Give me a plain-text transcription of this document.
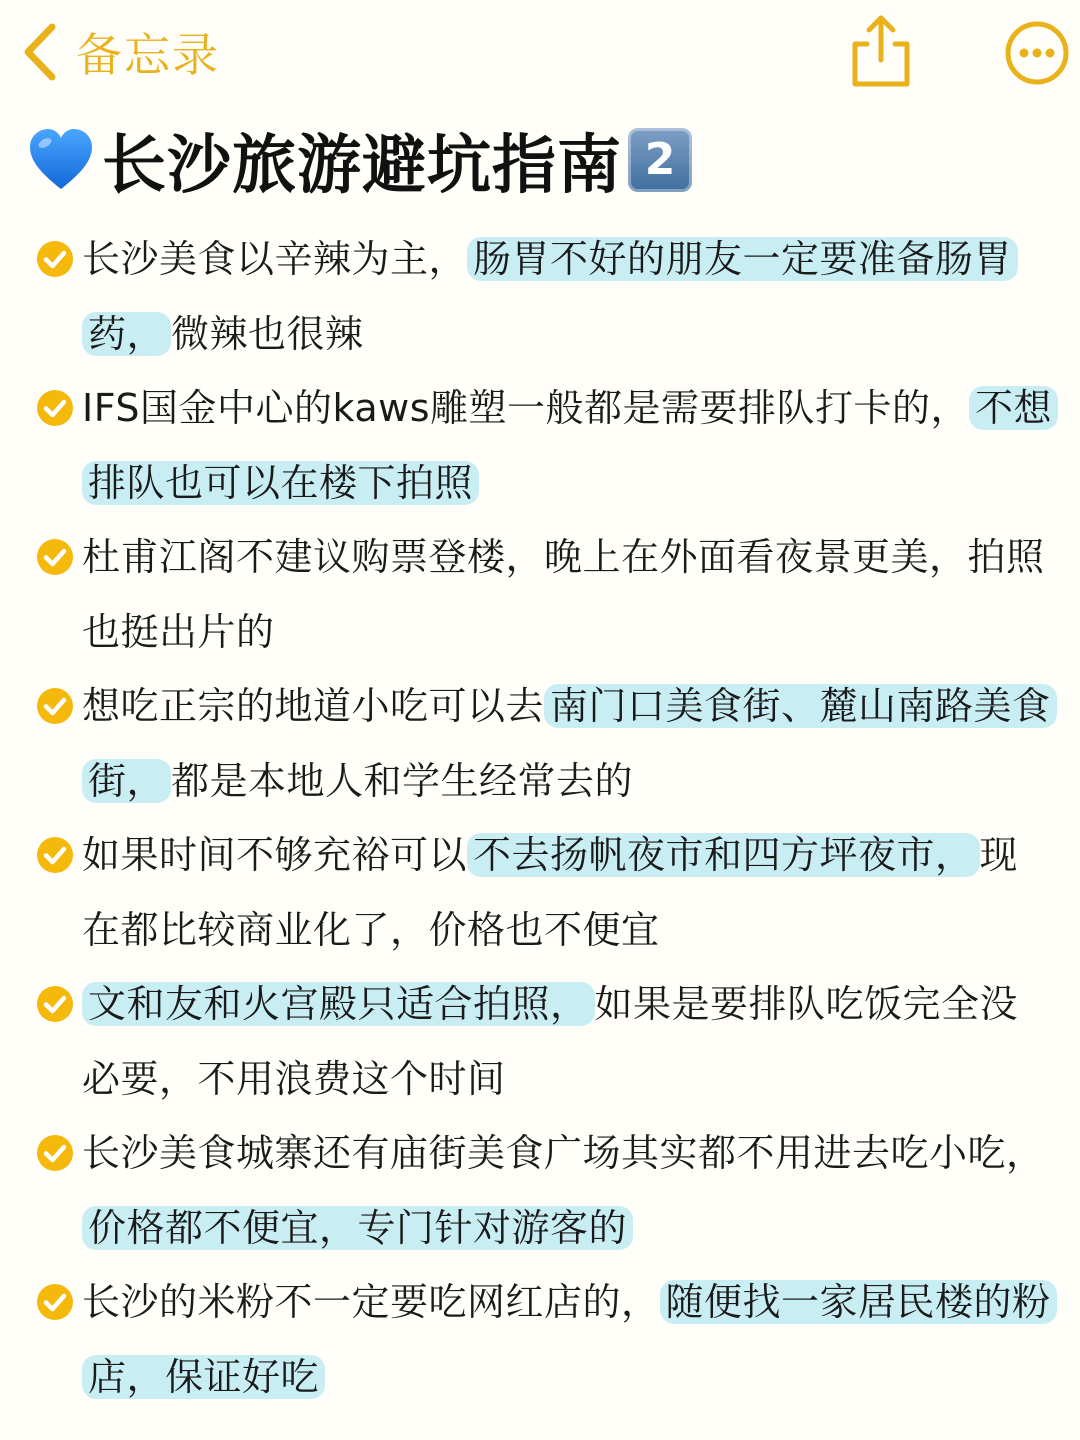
备忘录
长沙旅游避坑指南 2
长沙美食以辛辣为主， 肠胃不好的朋友一定要准备肠胃药， 微辣也很辣
IFS国金中心的kaws雕塑一般都是需要排队打卡的， 不想排队也可以在楼下拍照
杜甫江阁不建议购票登楼，晚上在外面看夜景更美，拍照也挺出片的
想吃正宗的地道小吃可以去 南门口美食街、麓山南路美食街， 都是本地人和学生经常去的
如果时间不够充裕可以 不去扬帆夜市和四方坪夜市， 现在都比较商业化了，价格也不便宜
文和友和火宫殿只适合拍照， 如果是要排队吃饭完全没必要，不用浪费这个时间
长沙美食城寨还有庙街美食广场其实都不用进去吃小吃，价格都不便宜，专门针对游客的
长沙的米粉不一定要吃网红店的， 随便找一家居民楼的粉店，保证好吃
